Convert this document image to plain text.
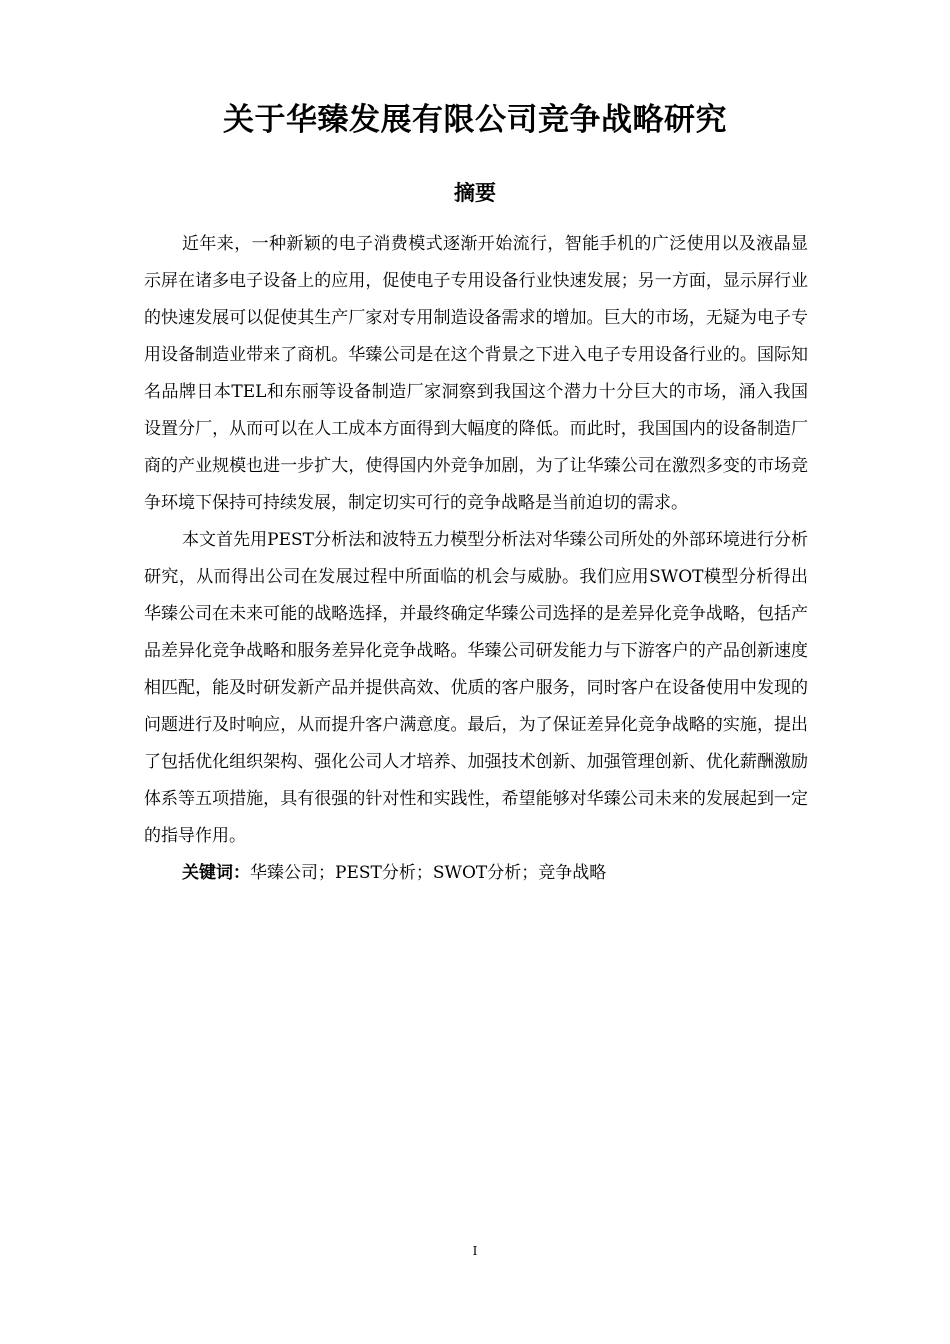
关于华臻发展有限公司竞争战略研究
摘要

近年来，一种新颖的电子消费模式逐渐开始流行，智能手机的广泛使用以及液晶显示屏在诸多电子设备上的应用，促使电子专用设备行业快速发展；另一方面，显示屏行业的快速发展可以促使其生产厂家对专用制造设备需求的增加。巨大的市场，无疑为电子专用设备制造业带来了商机。华臻公司是在这个背景之下进入电子专用设备行业的。国际知名品牌日本TEL和东丽等设备制造厂家洞察到我国这个潜力十分巨大的市场，涌入我国设置分厂，从而可以在人工成本方面得到大幅度的降低。而此时，我国国内的设备制造厂商的产业规模也进一步扩大，使得国内外竞争加剧，为了让华臻公司在激烈多变的市场竞争环境下保持可持续发展，制定切实可行的竞争战略是当前迫切的需求。

本文首先用PEST分析法和波特五力模型分析法对华臻公司所处的外部环境进行分析研究，从而得出公司在发展过程中所面临的机会与威胁。我们应用SWOT模型分析得出华臻公司在未来可能的战略选择，并最终确定华臻公司选择的是差异化竞争战略，包括产品差异化竞争战略和服务差异化竞争战略。华臻公司研发能力与下游客户的产品创新速度相匹配，能及时研发新产品并提供高效、优质的客户服务，同时客户在设备使用中发现的问题进行及时响应，从而提升客户满意度。最后，为了保证差异化竞争战略的实施，提出了包括优化组织架构、强化公司人才培养、加强技术创新、加强管理创新、优化薪酬激励体系等五项措施，具有很强的针对性和实践性，希望能够对华臻公司未来的发展起到一定的指导作用。

关键词：华臻公司；PEST分析；SWOT分析；竞争战略

I
